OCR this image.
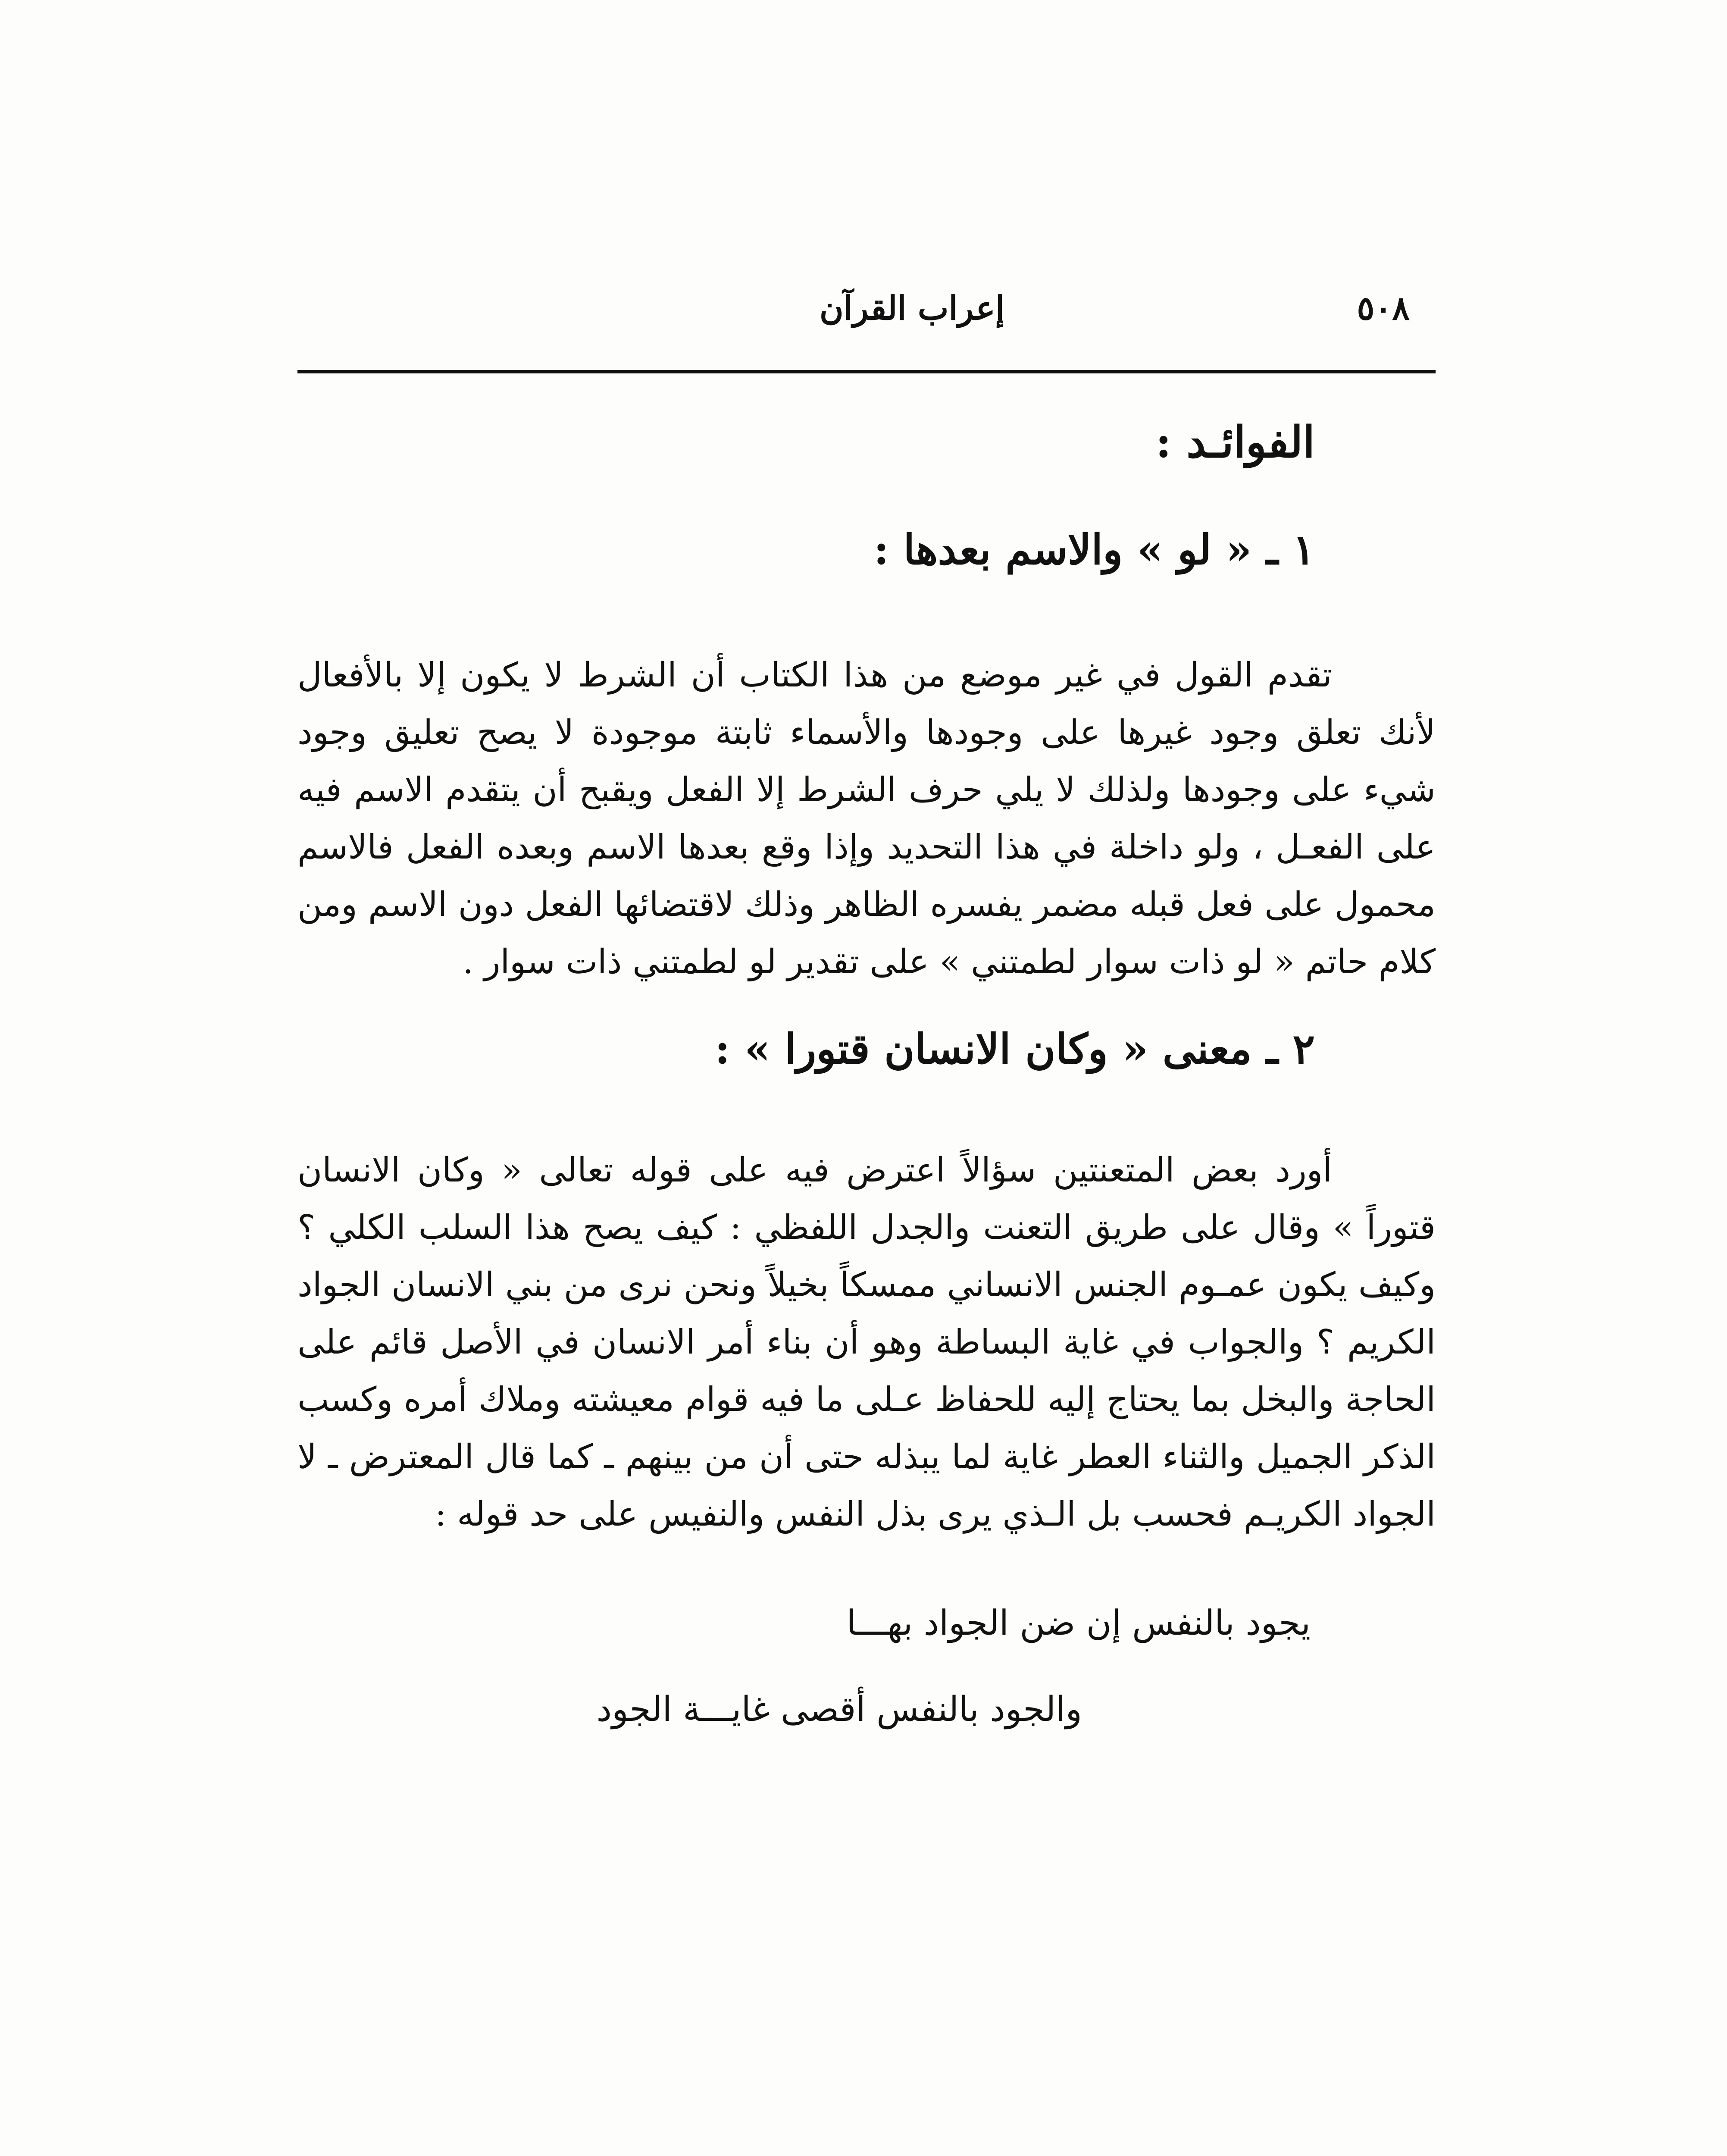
٥٠٨
إعراب القرآن
الفوائـد :
١ ـ « لو » والاسم بعدها :

تقدم القول في غير موضع من هذا الكتاب أن الشرط لا يكون إلا بالأفعال لأنك تعلق وجود غيرها على وجودها والأسماء ثابتة موجودة لا يصح تعليق وجود شيء على وجودها ولذلك لا يلي حرف الشرط إلا الفعل ويقبح أن يتقدم الاسم فيه على الفعـل ، ولو داخلة في هذا التحديد وإذا وقع بعدها الاسم وبعده الفعل فالاسم محمول على فعل قبله مضمر يفسره الظاهر وذلك لاقتضائها الفعل دون الاسم ومن كلام حاتم « لو ذات سوار لطمتني » على تقدير لو لطمتني ذات سوار .

٢ ـ معنى « وكان الانسان قتورا » :

أورد بعض المتعنتين سؤالاً اعترض فيه على قوله تعالى « وكان الانسان قتوراً » وقال على طريق التعنت والجدل اللفظي : كيف يصح هذا السلب الكلي ؟ وكيف يكون عمـوم الجنس الانساني ممسكاً بخيلاً ونحن نرى من بني الانسان الجواد الكريم ؟ والجواب في غاية البساطة وهو أن بناء أمر الانسان في الأصل قائم على الحاجة والبخل بما يحتاج إليه للحفاظ عـلى ما فيه قوام معيشته وملاك أمره وكسب الذكر الجميل والثناء العطر غاية لما يبذله حتى أن من بينهم ـ كما قال المعترض ـ لا الجواد الكريـم فحسب بل الـذي يرى بذل النفس والنفيس على حد قوله :

يجود بالنفس إن ضن الجواد بهـــا

والجود بالنفس أقصى غايـــة الجود
